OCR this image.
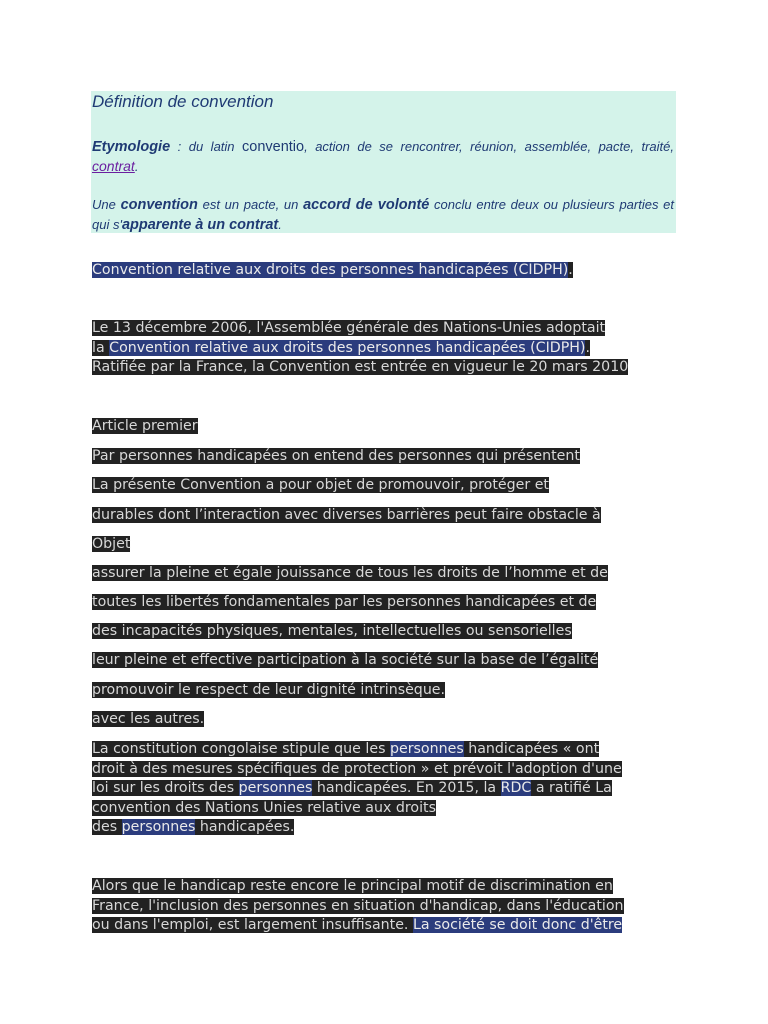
Définition de convention

Etymologie : du latin conventio, action de se rencontrer, réunion, assemblée, pacte, traité, contrat.

Une convention est un pacte, un accord de volonté conclu entre deux ou plusieurs parties et qui s'apparente à un contrat.

Convention relative aux droits des personnes handicapées (CIDPH).
Le 13 décembre 2006, l'Assemblée générale des Nations-Unies adoptait
la Convention relative aux droits des personnes handicapées (CIDPH).
Ratifiée par la France, la Convention est entrée en vigueur le 20 mars 2010
Article premier
Par personnes handicapées on entend des personnes qui présentent
La présente Convention a pour objet de promouvoir, protéger et
durables dont l’interaction avec diverses barrières peut faire obstacle à
Objet
assurer la pleine et égale jouissance de tous les droits de l’homme et de
toutes les libertés fondamentales par les personnes handicapées et de
des incapacités physiques, mentales, intellectuelles ou sensorielles
leur pleine et effective participation à la société sur la base de l’égalité
promouvoir le respect de leur dignité intrinsèque.
avec les autres.
La constitution congolaise stipule que les personnes handicapées « ont
droit à des mesures spécifiques de protection » et prévoit l'adoption d'une
loi sur les droits des personnes handicapées. En 2015, la RDC a ratifié La
convention des Nations Unies relative aux droits
des personnes handicapées.
Alors que le handicap reste encore le principal motif de discrimination en
France, l'inclusion des personnes en situation d'handicap, dans l'éducation
ou dans l'emploi, est largement insuffisante. La société se doit donc d'être
